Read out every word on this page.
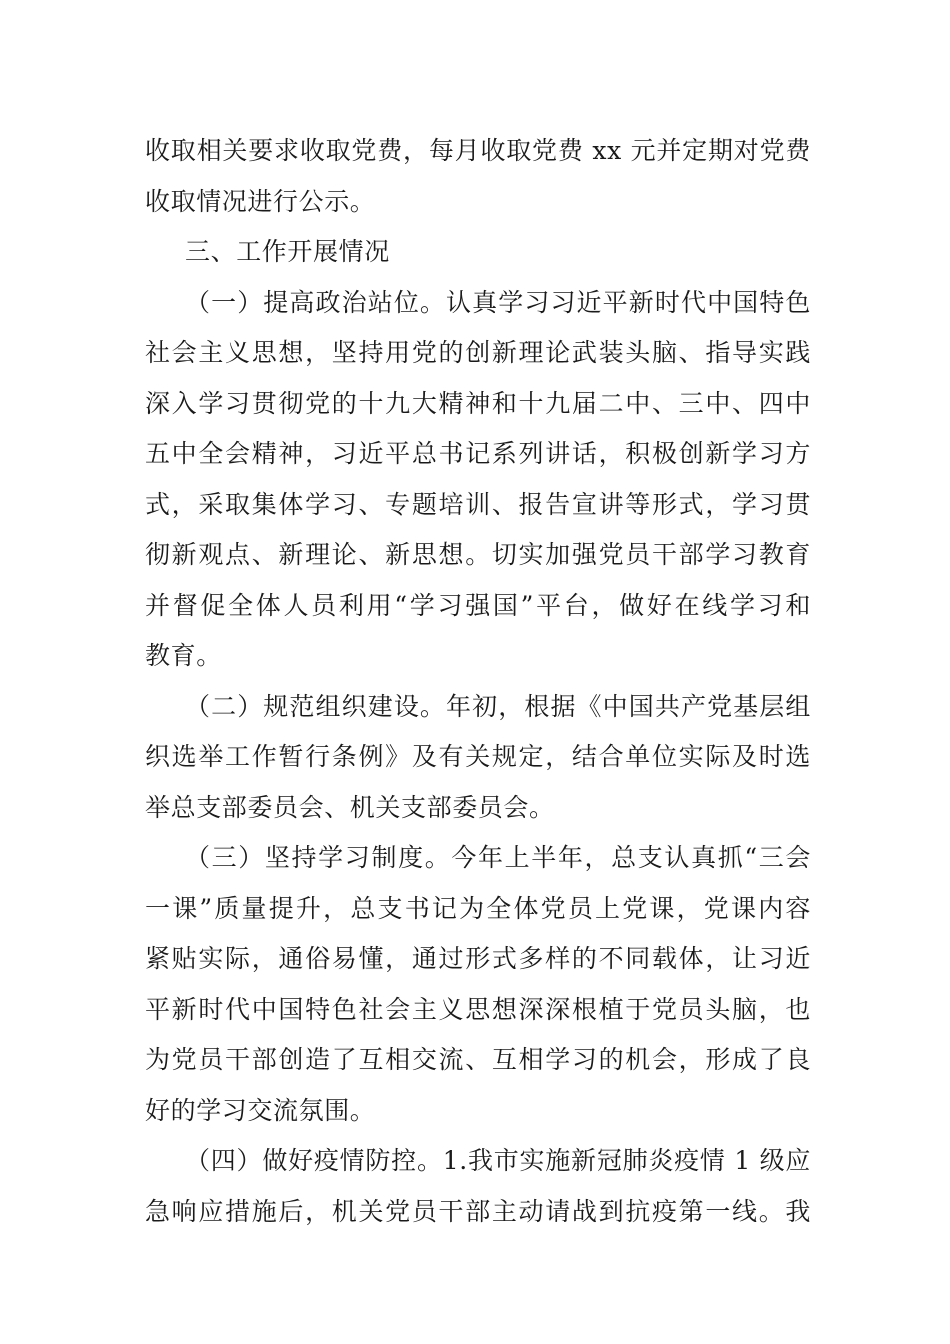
收取相关要求收取党费，每月收取党费 xx 元并定期对党费
收取情况进行公示。
三、工作开展情况
（一）提高政治站位。认真学习习近平新时代中国特色
社会主义思想，坚持用党的创新理论武装头脑、指导实践
深入学习贯彻党的十九大精神和十九届二中、三中、四中
五中全会精神，习近平总书记系列讲话，积极创新学习方
式，采取集体学习、专题培训、报告宣讲等形式，学习贯
彻新观点、新理论、新思想。切实加强党员干部学习教育
并督促全体人员利用“学习强国”平台，做好在线学习和
教育。
（二）规范组织建设。年初，根据《中国共产党基层组
织选举工作暂行条例》及有关规定，结合单位实际及时选
举总支部委员会、机关支部委员会。
（三）坚持学习制度。今年上半年，总支认真抓“三会
一课”质量提升，总支书记为全体党员上党课，党课内容
紧贴实际，通俗易懂，通过形式多样的不同载体，让习近
平新时代中国特色社会主义思想深深根植于党员头脑，也
为党员干部创造了互相交流、互相学习的机会，形成了良
好的学习交流氛围。
（四）做好疫情防控。1.我市实施新冠肺炎疫情 1 级应
急响应措施后，机关党员干部主动请战到抗疫第一线。我
